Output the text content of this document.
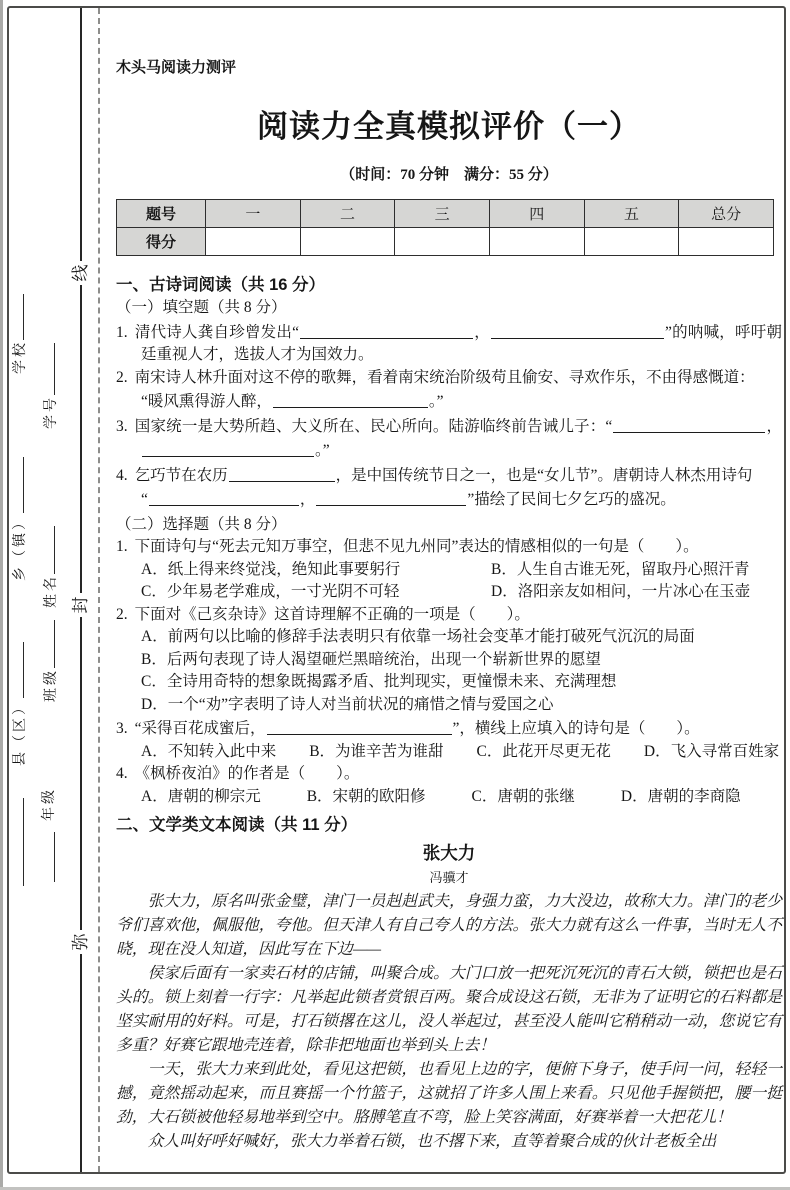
线
封
弥
学校
学号
乡（镇）
姓名
班级
县（区）
年级
木头马阅读力测评
阅读力全真模拟评价（一）
（时间：70 分钟　满分：55 分）
题号	一	二	三	四	五	总分
得分						
一、古诗词阅读（共 16 分）
（一）填空题（共 8 分）
1. 清代诗人龚自珍曾发出“	，	”的呐喊，呼吁朝廷重视人才，选拔人才为国效力。
2. 南宋诗人林升面对这不停的歌舞，看着南宋统治阶级苟且偷安、寻欢作乐，不由得感慨道：
“暖风熏得游人醉，	。”
3. 国家统一是大势所趋、大义所在、民心所向。陆游临终前告诫儿子：“	，。”
4. 乞巧节在农历	，是中国传统节日之一，也是“女儿节”。唐朝诗人林杰用诗句
“	，	”描绘了民间七夕乞巧的盛况。
（二）选择题（共 8 分）
1. 下面诗句与“死去元知万事空，但悲不见九州同”表达的情感相似的一句是（　　）。
A．纸上得来终觉浅，绝知此事要躬行	B．人生自古谁无死，留取丹心照汗青
C．少年易老学难成，一寸光阴不可轻	D．洛阳亲友如相问，一片冰心在玉壶
2. 下面对《己亥杂诗》这首诗理解不正确的一项是（　　）。
A．前两句以比喻的修辞手法表明只有依靠一场社会变革才能打破死气沉沉的局面
B．后两句表现了诗人渴望砸烂黑暗统治，出现一个崭新世界的愿望
C．全诗用奇特的想象既揭露矛盾、批判现实，更憧憬未来、充满理想
D．一个“劝”字表明了诗人对当前状况的痛惜之情与爱国之心
3. “采得百花成蜜后，	”，横线上应填入的诗句是（　　）。
A．不知转入此中来 B．为谁辛苦为谁甜 C．此花开尽更无花 D．飞入寻常百姓家
4. 《枫桥夜泊》的作者是（　　）。
A．唐朝的柳宗元	B．宋朝的欧阳修	C．唐朝的张继	D．唐朝的李商隐
二、文学类文本阅读（共 11 分）
张大力
冯骥才

张大力，原名叫张金璧，津门一员赳赳武夫，身强力蛮，力大没边，故称大力。津门的老少爷们喜欢他，佩服他，夸他。但天津人有自己夸人的方法。张大力就有这么一件事，当时无人不晓，现在没人知道，因此写在下边——

侯家后面有一家卖石材的店铺，叫聚合成。大门口放一把死沉死沉的青石大锁，锁把也是石头的。锁上刻着一行字：凡举起此锁者赏银百两。聚合成设这石锁，无非为了证明它的石料都是坚实耐用的好料。可是，打石锁撂在这儿，没人举起过，甚至没人能叫它稍稍动一动，您说它有多重？好赛它跟地壳连着，除非把地面也举到头上去！

一天，张大力来到此处，看见这把锁，也看见上边的字，便俯下身子，使手问一问，轻轻一撼，竟然摇动起来，而且赛摇一个竹篮子，这就招了许多人围上来看。只见他手握锁把，腰一挺劲，大石锁被他轻易地举到空中。胳膊笔直不弯，脸上笑容满面，好赛举着一大把花儿！

众人叫好呼好喊好，张大力举着石锁，也不撂下来，直等着聚合成的伙计老板全出
